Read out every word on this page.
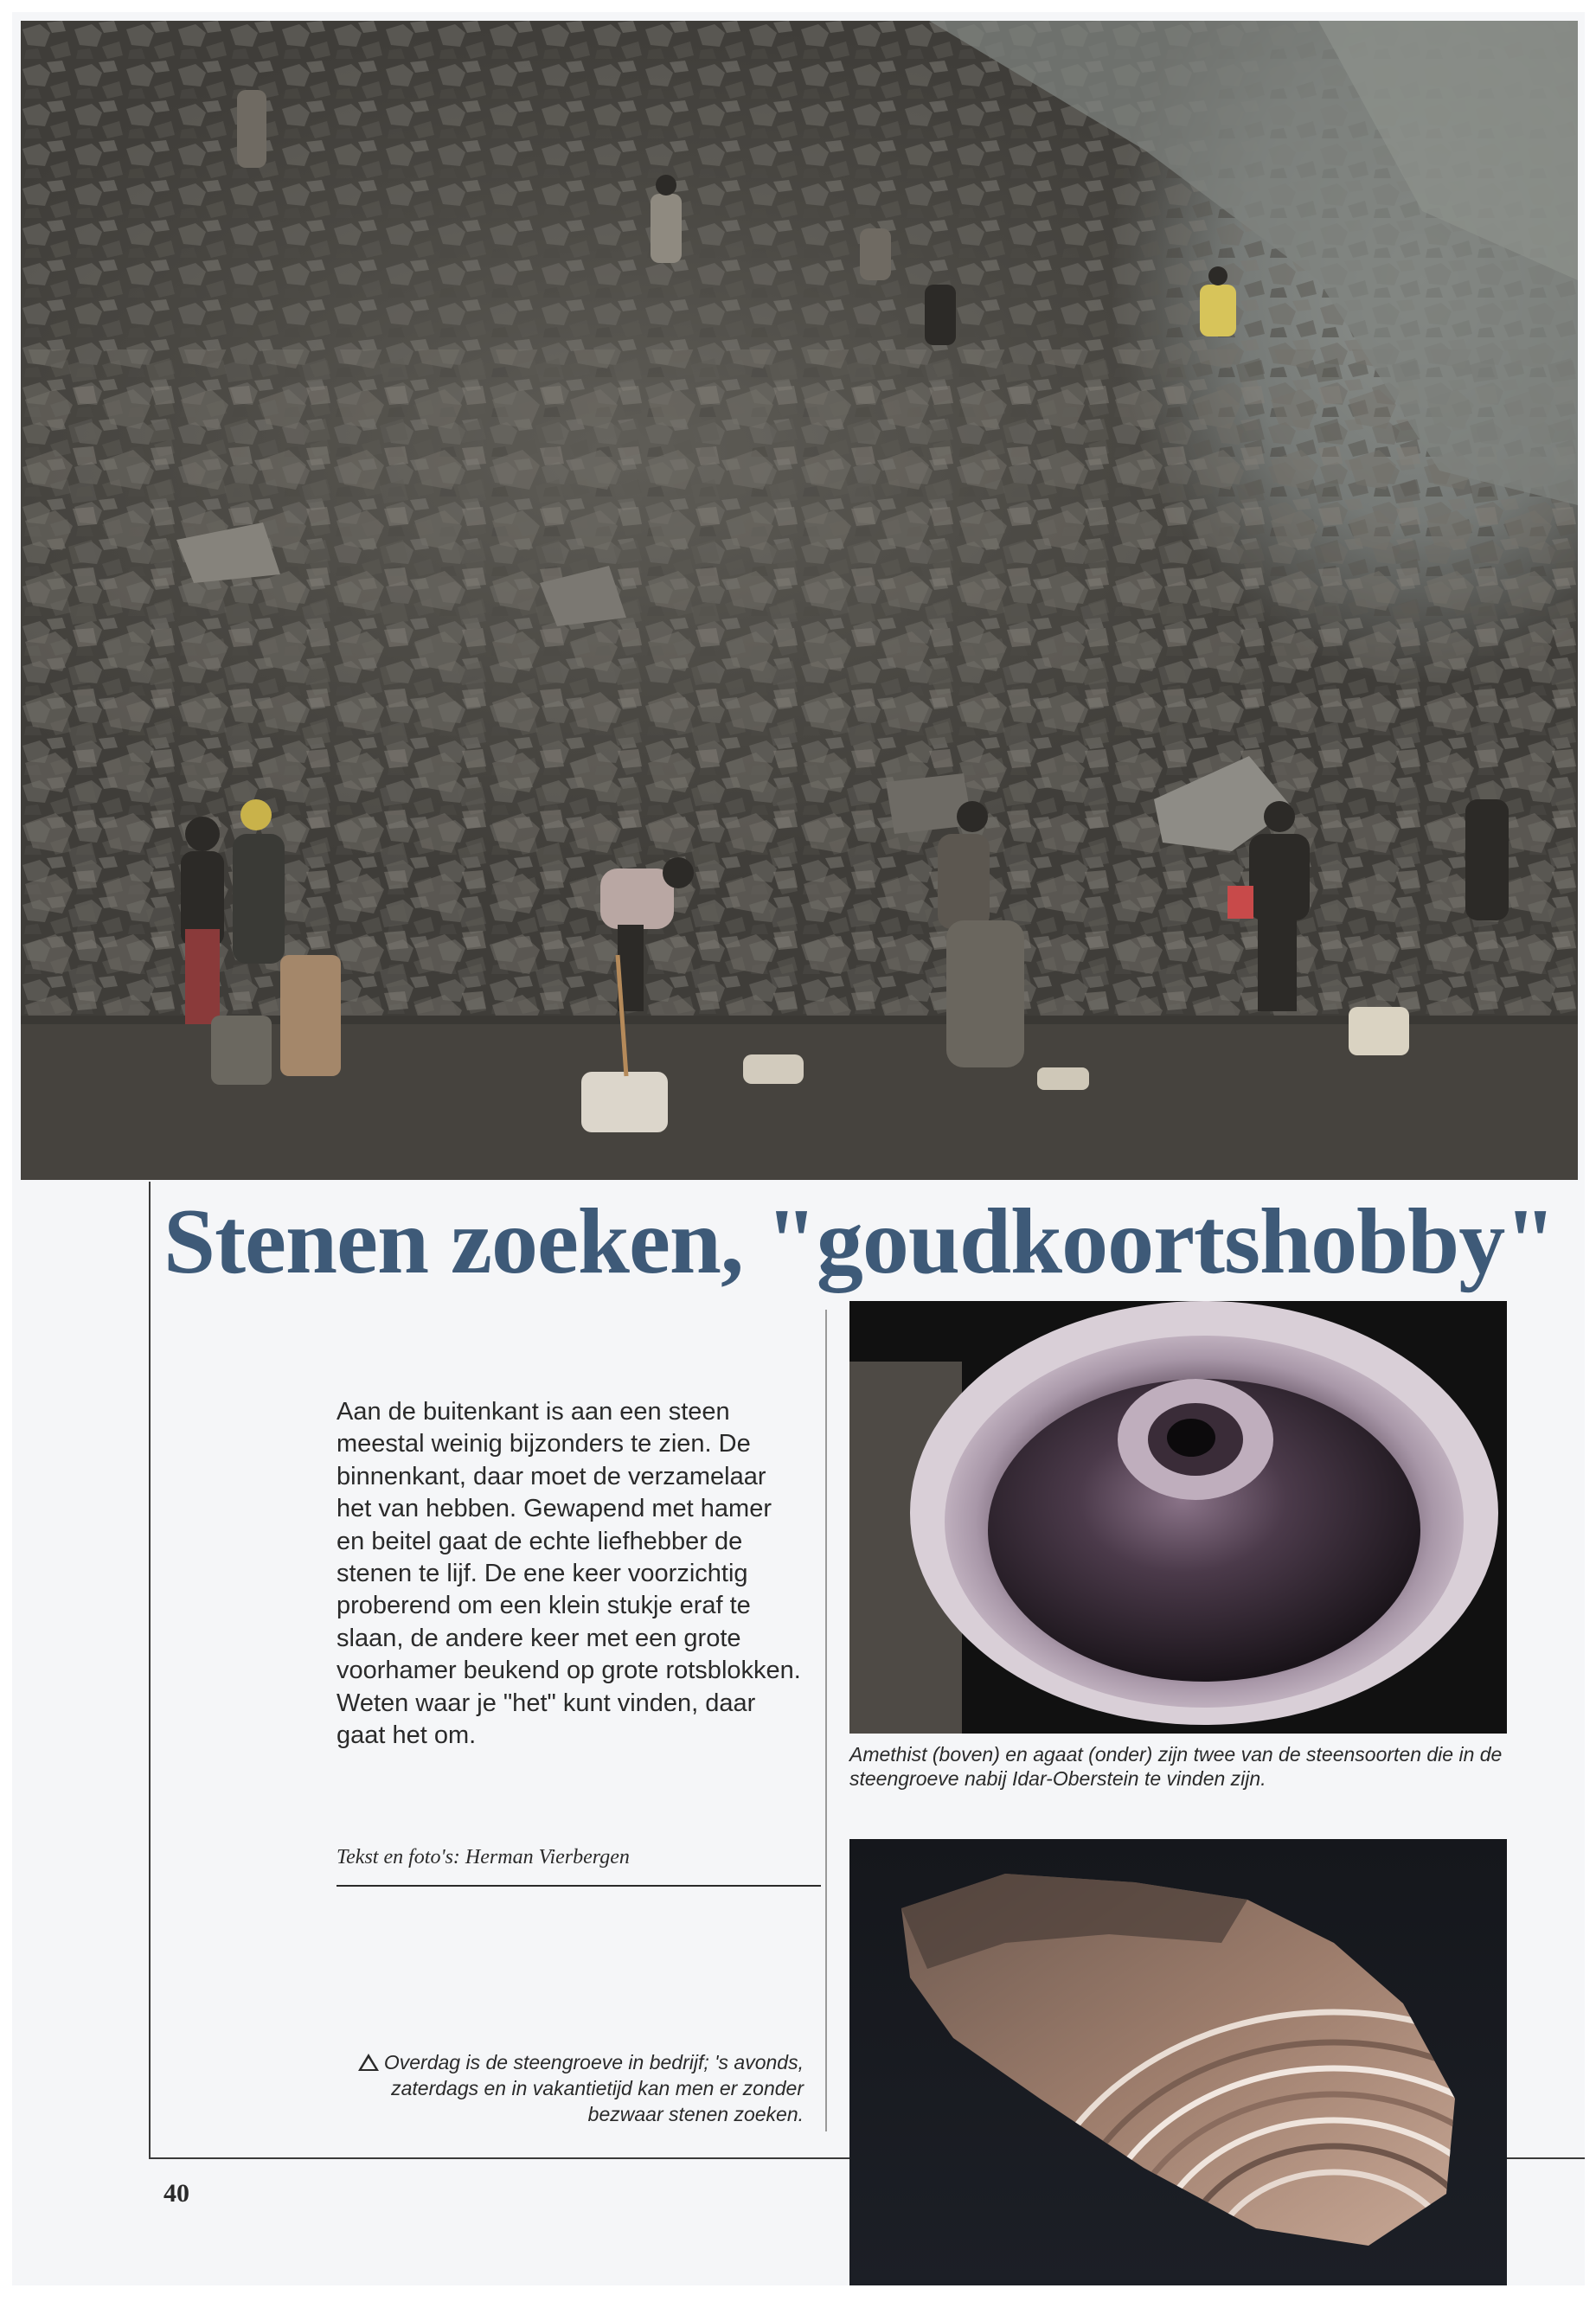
Stenen zoeken, "goudkoortshobby"
Aan de buitenkant is aan een steen meestal weinig bijzonders te zien. De binnenkant, daar moet de verzamelaar het van hebben. Gewapend met hamer en beitel gaat de echte liefhebber de stenen te lijf. De ene keer voorzichtig proberend om een klein stukje eraf te slaan, de andere keer met een grote voorhamer beukend op grote rotsblokken. Weten waar je "het" kunt vinden, daar gaat het om.
Tekst en foto's: Herman Vierbergen
Overdag is de steengroeve in bedrijf; 's avonds, zaterdags en in vakantietijd kan men er zonder bezwaar stenen zoeken.
Amethist (boven) en agaat (onder) zijn twee van de steensoorten die in de steengroeve nabij Idar-Oberstein te vinden zijn.
40
